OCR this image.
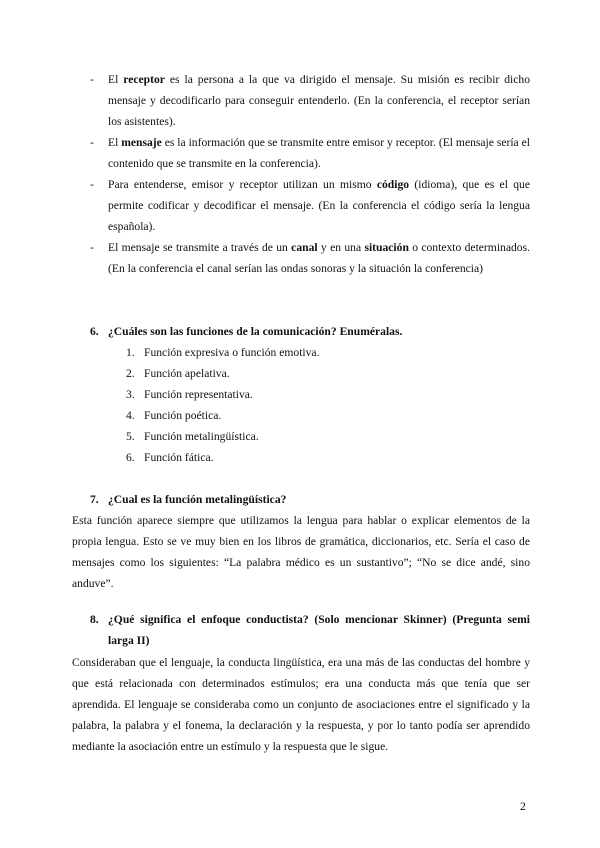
- El receptor es la persona a la que va dirigido el mensaje. Su misión es recibir dicho mensaje y decodificarlo para conseguir entenderlo. (En la conferencia, el receptor serían los asistentes).
- El mensaje es la información que se transmite entre emisor y receptor. (El mensaje sería el contenido que se transmite en la conferencia).
- Para entenderse, emisor y receptor utilizan un mismo código (idioma), que es el que permite codificar y decodificar el mensaje. (En la conferencia el código sería la lengua española).
- El mensaje se transmite a través de un canal y en una situación o contexto determinados. (En la conferencia el canal serían las ondas sonoras y la situación la conferencia)
6. ¿Cuáles son las funciones de la comunicación? Enuméralas.
1. Función expresiva o función emotiva.
2. Función apelativa.
3. Función representativa.
4. Función poética.
5. Función metalingüística.
6. Función fática.
7. ¿Cual es la función metalingüística?
Esta función aparece siempre que utilizamos la lengua para hablar o explicar elementos de la propia lengua. Esto se ve muy bien en los libros de gramática, diccionarios, etc. Sería el caso de mensajes como los siguientes: “La palabra médico es un sustantivo”; “No se dice andé, sino anduve”.
8. ¿Qué significa el enfoque conductista? (Solo mencionar Skinner) (Pregunta semi larga II)
Consideraban que el lenguaje, la conducta lingüística, era una más de las conductas del hombre y que está relacionada con determinados estímulos; era una conducta más que tenía que ser aprendida. El lenguaje se consideraba como un conjunto de asociaciones entre el significado y la palabra, la palabra y el fonema, la declaración y la respuesta, y por lo tanto podía ser aprendido mediante la asociación entre un estímulo y la respuesta que le sigue.
2
